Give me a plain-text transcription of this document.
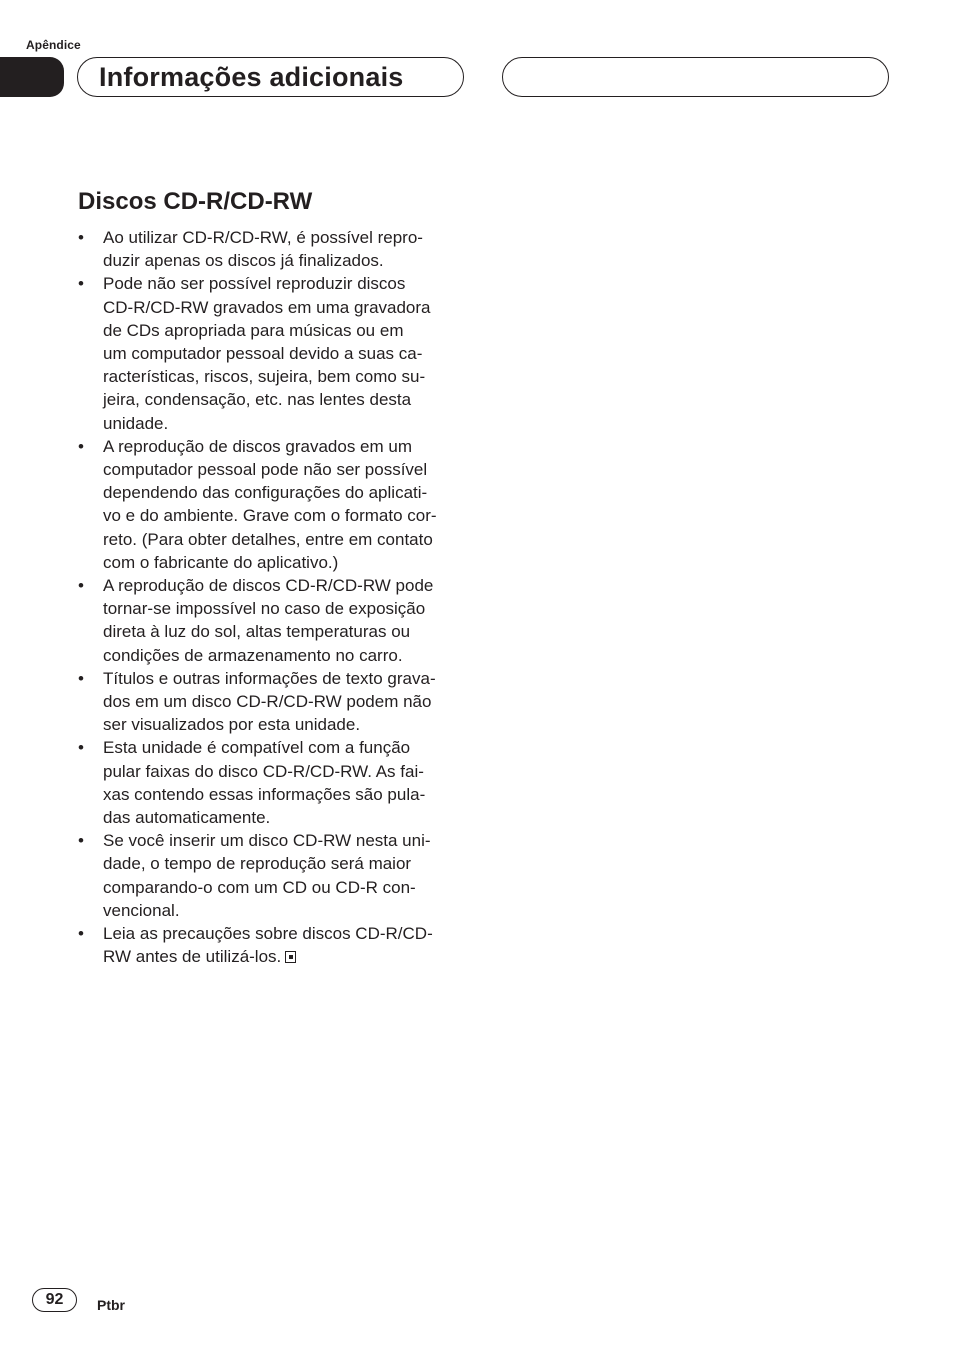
Apêndice
Informações adicionais
Discos CD-R/CD-RW
• Ao utilizar CD-R/CD-RW, é possível repro-
duzir apenas os discos já finalizados.
• Pode não ser possível reproduzir discos
CD-R/CD-RW gravados em uma gravadora
de CDs apropriada para músicas ou em
um computador pessoal devido a suas ca-
racterísticas, riscos, sujeira, bem como su-
jeira, condensação, etc. nas lentes desta
unidade.
• A reprodução de discos gravados em um
computador pessoal pode não ser possível
dependendo das configurações do aplicati-
vo e do ambiente. Grave com o formato cor-
reto. (Para obter detalhes, entre em contato
com o fabricante do aplicativo.)
• A reprodução de discos CD-R/CD-RW pode
tornar-se impossível no caso de exposição
direta à luz do sol, altas temperaturas ou
condições de armazenamento no carro.
• Títulos e outras informações de texto grava-
dos em um disco CD-R/CD-RW podem não
ser visualizados por esta unidade.
• Esta unidade é compatível com a função
pular faixas do disco CD-R/CD-RW. As fai-
xas contendo essas informações são pula-
das automaticamente.
• Se você inserir um disco CD-RW nesta uni-
dade, o tempo de reprodução será maior
comparando-o com um CD ou CD-R con-
vencional.
• Leia as precauções sobre discos CD-R/CD-
RW antes de utilizá-los.
92	Ptbr
